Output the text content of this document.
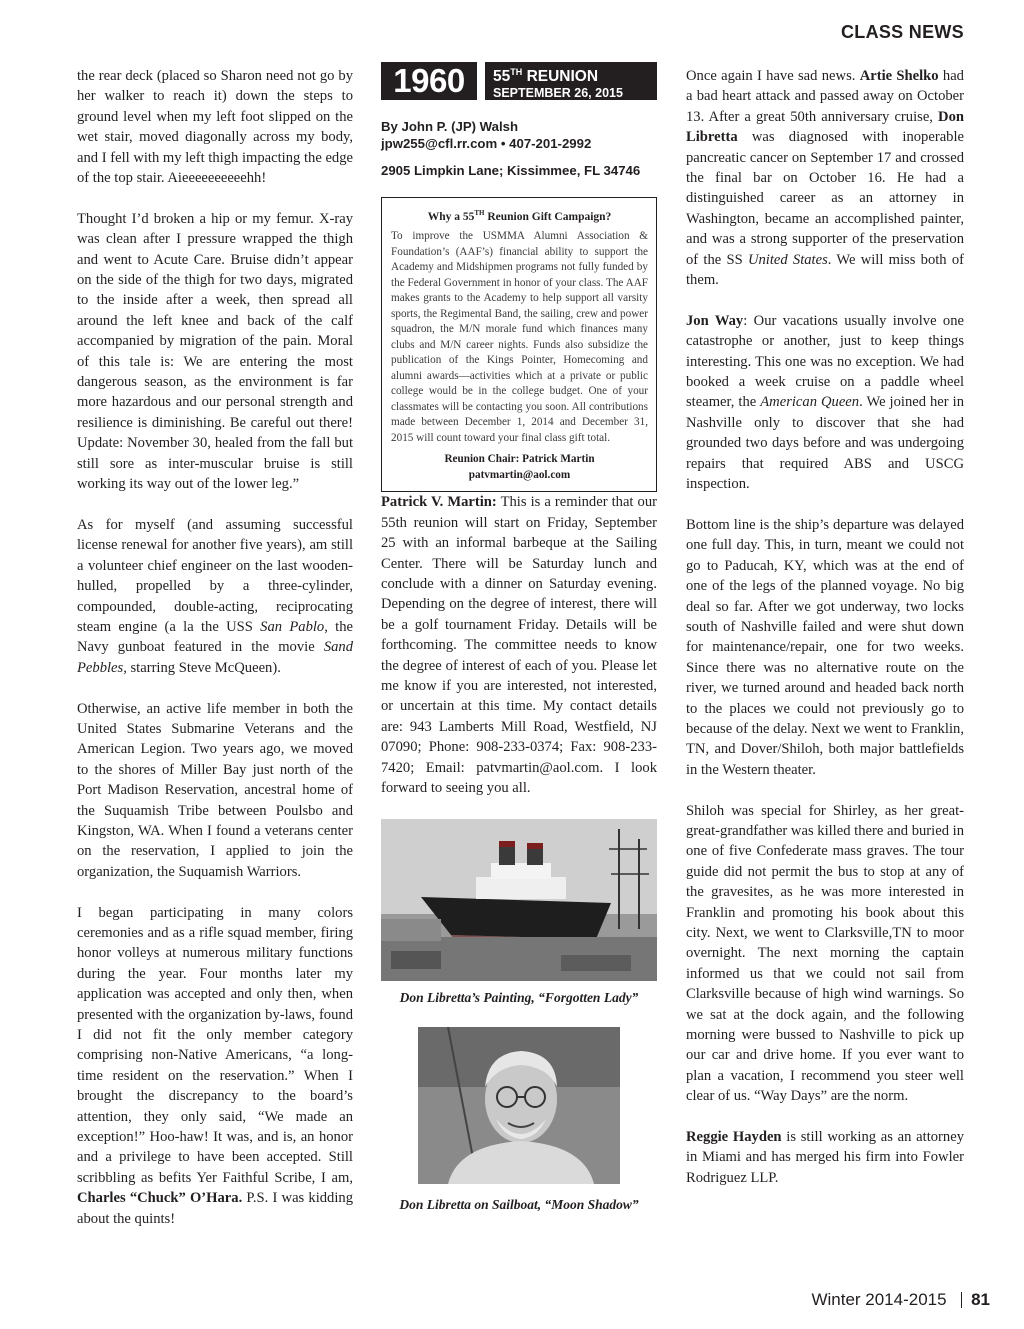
CLASS NEWS

the rear deck (placed so Sharon need not go by her walker to reach it) down the steps to ground level when my left foot slipped on the wet stair, moved diagonally across my body, and I fell with my left thigh impacting the edge of the top stair. Aieeeeeeeeeehh!

Thought I’d broken a hip or my femur. X-ray was clean after I pressure wrapped the thigh and went to Acute Care. Bruise didn’t appear on the side of the thigh for two days, migrated to the inside after a week, then spread all around the left knee and back of the calf accompanied by migration of the pain. Moral of this tale is: We are entering the most dangerous season, as the environment is far more hazardous and our personal strength and resilience is diminishing. Be careful out there! Update: November 30, healed from the fall but still sore as inter-muscular bruise is still working its way out of the lower leg.”

As for myself (and assuming successful license renewal for another five years), am still a volunteer chief engineer on the last wooden-hulled, propelled by a three-cylinder, compounded, double-acting, reciprocating steam engine (a la the USS San Pablo, the Navy gunboat featured in the movie Sand Pebbles, starring Steve McQueen).

Otherwise, an active life member in both the United States Submarine Veterans and the American Legion. Two years ago, we moved to the shores of Miller Bay just north of the Port Madison Reservation, ancestral home of the Suquamish Tribe between Poulsbo and Kingston, WA. When I found a veterans center on the reservation, I applied to join the organization, the Suquamish Warriors.

I began participating in many colors ceremonies and as a rifle squad member, firing honor volleys at numerous military functions during the year. Four months later my application was accepted and only then, when presented with the organization by-laws, found I did not fit the only member category comprising non-Native Americans, “a long-time resident on the reservation.” When I brought the discrepancy to the board’s attention, they only said, “We made an exception!” Hoo-haw! It was, and is, an honor and a privilege to have been accepted. Still scribbling as befits Yer Faithful Scribe, I am, Charles “Chuck” O’Hara. P.S. I was kidding about the quints!

1960	55TH REUNION
SEPTEMBER 26, 2015
By John P. (JP) Walsh
jpw255@cfl.rr.com • 407-201-2992
2905 Limpkin Lane; Kissimmee, FL 34746
Why a 55TH Reunion Gift Campaign?

To improve the USMMA Alumni Association & Foundation’s (AAF’s) financial ability to support the Academy and Midshipmen programs not fully funded by the Federal Government in honor of your class. The AAF makes grants to the Academy to help support all varsity sports, the Regimental Band, the sailing, crew and power squadron, the M/N morale fund which finances many clubs and M/N career nights. Funds also subsidize the publication of the Kings Pointer, Homecoming and alumni awards—activities which at a private or public college would be in the college budget. One of your classmates will be contacting you soon. All contributions made between December 1, 2014 and December 31, 2015 will count toward your final class gift total.

Reunion Chair: Patrick Martin
patvmartin@aol.com

Patrick V. Martin: This is a reminder that our 55th reunion will start on Friday, September 25 with an informal barbeque at the Sailing Center. There will be Saturday lunch and conclude with a dinner on Saturday evening. Depending on the degree of interest, there will be a golf tournament Friday. Details will be forthcoming. The committee needs to know the degree of interest of each of you. Please let me know if you are interested, not interested, or uncertain at this time. My contact details are: 943 Lamberts Mill Road, Westfield, NJ 07090; Phone: 908-233-0374; Fax: 908-233-7420; Email: patvmartin@aol.com. I look forward to seeing you all.

Don Libretta’s Painting, “Forgotten Lady”
Don Libretta on Sailboat, “Moon Shadow”

Once again I have sad news. Artie Shelko had a bad heart attack and passed away on October 13. After a great 50th anniversary cruise, Don Libretta was diagnosed with inoperable pancreatic cancer on September 17 and crossed the final bar on October 16. He had a distinguished career as an attorney in Washington, became an accomplished painter, and was a strong supporter of the preservation of the SS United States. We will miss both of them.

Jon Way: Our vacations usually involve one catastrophe or another, just to keep things interesting. This one was no exception. We had booked a week cruise on a paddle wheel steamer, the American Queen. We joined her in Nashville only to discover that she had grounded two days before and was undergoing repairs that required ABS and USCG inspection.

Bottom line is the ship’s departure was delayed one full day. This, in turn, meant we could not go to Paducah, KY, which was at the end of one of the legs of the planned voyage. No big deal so far. After we got underway, two locks south of Nashville failed and were shut down for maintenance/repair, one for two weeks. Since there was no alternative route on the river, we turned around and headed back north to the places we could not previously go to because of the delay. Next we went to Franklin, TN, and Dover/Shiloh, both major battlefields in the Western theater.

Shiloh was special for Shirley, as her great-great-grandfather was killed there and buried in one of five Confederate mass graves. The tour guide did not permit the bus to stop at any of the gravesites, as he was more interested in Franklin and promoting his book about this city. Next, we went to Clarksville,TN to moor overnight. The next morning the captain informed us that we could not sail from Clarksville because of high wind warnings. So we sat at the dock again, and the following morning were bussed to Nashville to pick up our car and drive home. If you ever want to plan a vacation, I recommend you steer well clear of us. “Way Days” are the norm.

Reggie Hayden is still working as an attorney in Miami and has merged his firm into Fowler Rodriguez LLP.

Winter 2014-2015 81
